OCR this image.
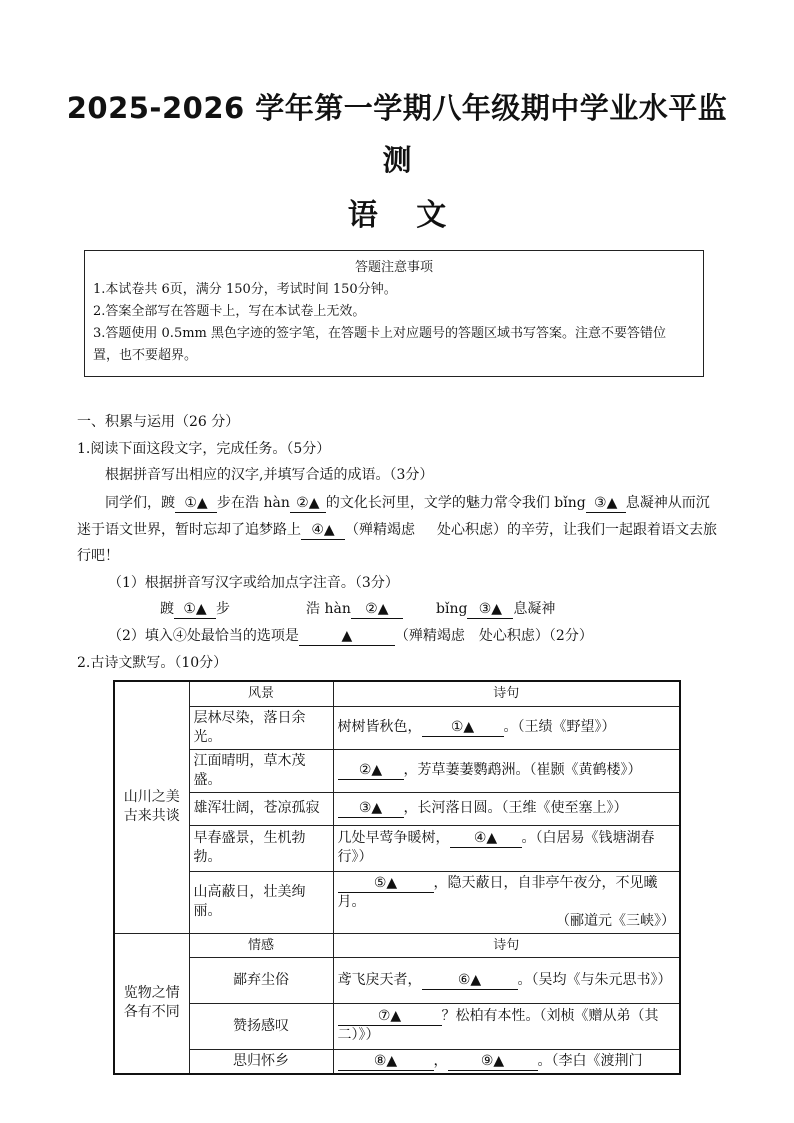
2025-2026 学年第一学期八年级期中学业水平监
测
语 文
答题注意事项
1.本试卷共 6页，满分 150分，考试时间 150分钟。
2.答案全部写在答题卡上，写在本试卷上无效。
3.答题使用 0.5mm 黑色字迹的签字笔，在答题卡上对应题号的答题区域书写答案。注意不要答错位
置，也不要超界。
一、积累与运用（26 分）
1.阅读下面这段文字，完成任务。（5分）
根据拼音写出相应的汉字,并填写合适的成语。（3分）
同学们，踱 ①▲ 步在浩 hàn ②▲ 的文化长河里，文学的魅力常令我们 bǐng ③▲ 息凝神从而沉
迷于语文世界，暂时忘却了追梦路上 ④▲ （殚精竭虑 处心积虑）的辛劳，让我们一起跟着语文去旅
行吧！
（1）根据拼音写汉字或给加点字注音。（3分）
踱 ①▲ 步	浩 hàn ②▲	bǐng ③▲ 息凝神
（2）填入④处最恰当的选项是	▲	（殚精竭虑　处心积虑）（2分）
2.古诗文默写。（10分）
山川之美古来共谈	风景	诗句
	层林尽染，落日余光。	树树皆秋色， ①▲ 。（王绩《野望》）
	江面晴明，草木茂盛。	②▲ ，芳草萋萋鹦鹉洲。（崔颢《黄鹤楼》）
	雄浑壮阔，苍凉孤寂	③▲ ，长河落日圆。（王维《使至塞上》）
	早春盛景，生机勃勃。	几处早莺争暖树， ④▲ 。（白居易《钱塘湖春行》）
	山高蔽日，壮美绚丽。	⑤▲ ，隐天蔽日，自非亭午夜分，不见曦月。
（郦道元《三峡》）

览物之情各有不同	情感	诗句
	鄙弃尘俗	鸢飞戾天者， ⑥▲ 。（吴均《与朱元思书》）
	赞扬感叹	⑦▲ ？松柏有本性。（刘桢《赠从弟（其二）》）
	思归怀乡	⑧▲ ， ⑨▲ 。（李白《渡荆门
